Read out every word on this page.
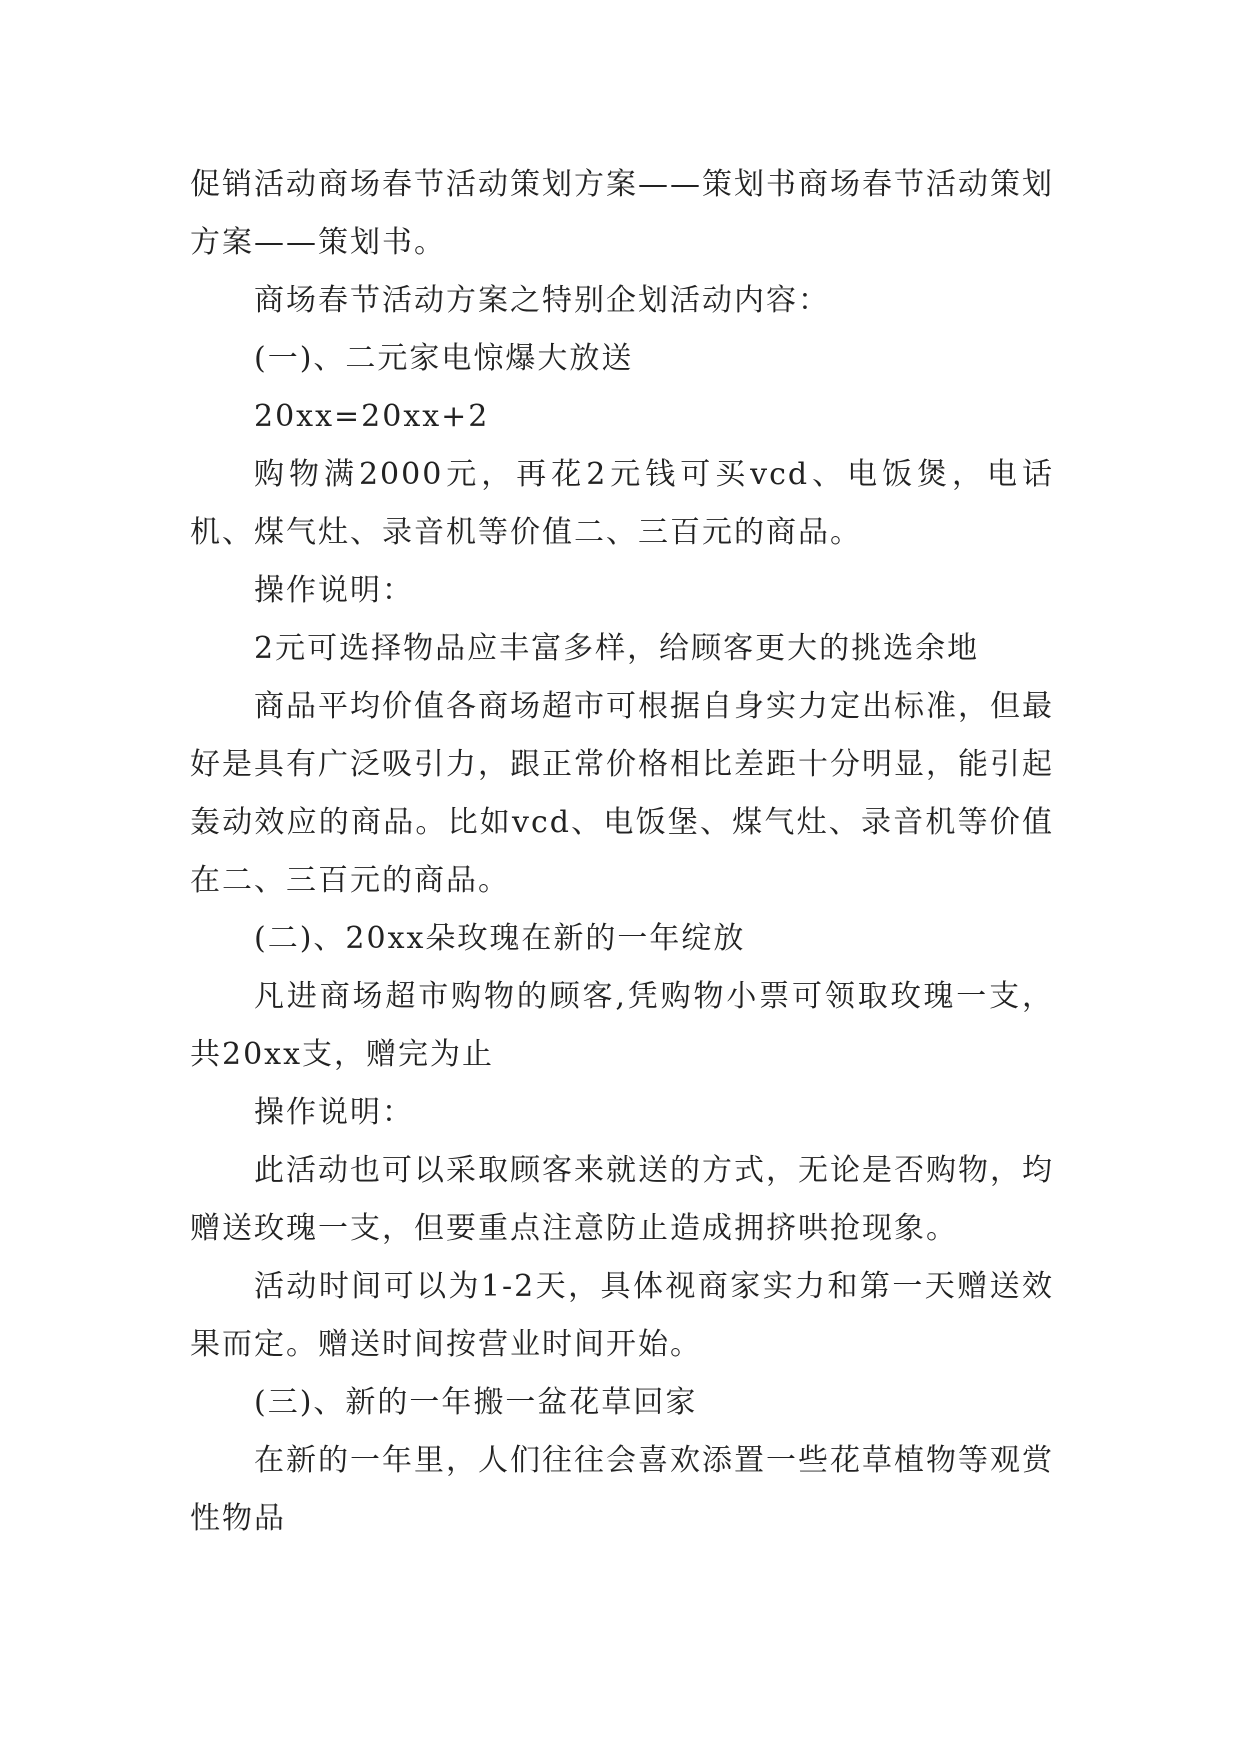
促销活动商场春节活动策划方案——策划书商场春节活动策划方案——策划书。

商场春节活动方案之特别企划活动内容：

(一)、二元家电惊爆大放送

20xx=20xx+2

购物满2000元，再花2元钱可买vcd、电饭煲，电话机、煤气灶、录音机等价值二、三百元的商品。

操作说明：

2元可选择物品应丰富多样，给顾客更大的挑选余地

商品平均价值各商场超市可根据自身实力定出标准，但最好是具有广泛吸引力，跟正常价格相比差距十分明显，能引起轰动效应的商品。比如vcd、电饭堡、煤气灶、录音机等价值在二、三百元的商品。

(二)、20xx朵玫瑰在新的一年绽放

凡进商场超市购物的顾客,凭购物小票可领取玫瑰一支，共20xx支，赠完为止

操作说明：

此活动也可以采取顾客来就送的方式，无论是否购物，均赠送玫瑰一支，但要重点注意防止造成拥挤哄抢现象。

活动时间可以为1-2天，具体视商家实力和第一天赠送效果而定。赠送时间按营业时间开始。

(三)、新的一年搬一盆花草回家

在新的一年里，人们往往会喜欢添置一些花草植物等观赏性物品
